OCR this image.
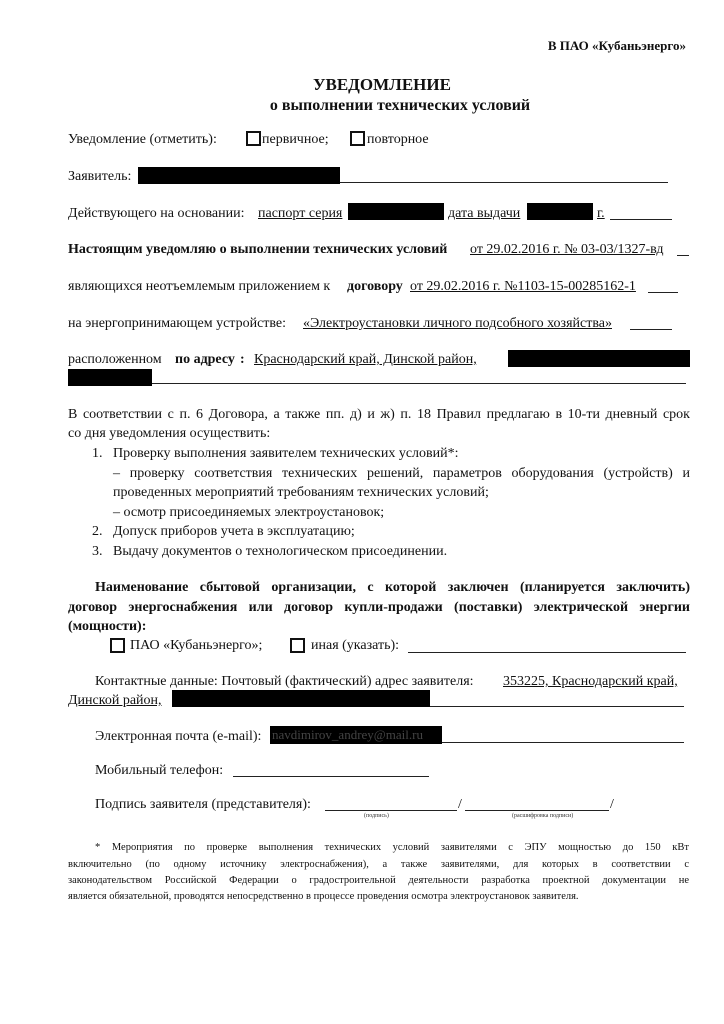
В ПАО «Кубаньэнерго»
УВЕДОМЛЕНИЕ
о выполнении технических условий
Уведомление (отметить):	первичное;	повторное
Заявитель:
Действующего на основании: паспорт серия	дата выдачи	г.
Настоящим уведомляю о выполнении технических условий от 29.02.2016 г. № 03-03/1327-вд
являющихся неотъемлемым приложением к договору от 29.02.2016 г. №1103-15-00285162-1
на энергопринимающем устройстве: «Электроустановки личного подсобного хозяйства»
расположенном по адресу : Краснодарский край, Динской район,
В соответствии с п. 6 Договора, а также пп. д) и ж) п. 18 Правил предлагаю в 10-ти дневный срок
со дня уведомления осуществить:
1. Проверку выполнения заявителем технических условий*:
– проверку соответствия технических решений, параметров оборудования (устройств) и
проведенных мероприятий требованиям технических условий;
– осмотр присоединяемых электроустановок;
2. Допуск приборов учета в эксплуатацию;
3. Выдачу документов о технологическом присоединении.
Наименование сбытовой организации, с которой заключен (планируется заключить)
договор энергоснабжения или договор купли-продажи (поставки) электрической энергии
(мощности):
ПАО «Кубаньэнерго»;	иная (указать):
Контактные данные: Почтовый (фактический) адрес заявителя: 353225, Краснодарский край,
Динской район,
Электронная почта (e-mail): navdimirov_andrey@mail.ru
Мобильный телефон:
Подпись заявителя (представителя):	/	/
(подпись)	(расшифровка подписи)
* Мероприятия по проверке выполнения технических условий заявителями с ЭПУ мощностью до 150 кВт
включительно (по одному источнику электроснабжения), а также заявителями, для которых в соответствии с
законодательством Российской Федерации о градостроительной деятельности разработка проектной документации не
является обязательной, проводятся непосредственно в процессе проведения осмотра электроустановок заявителя.
